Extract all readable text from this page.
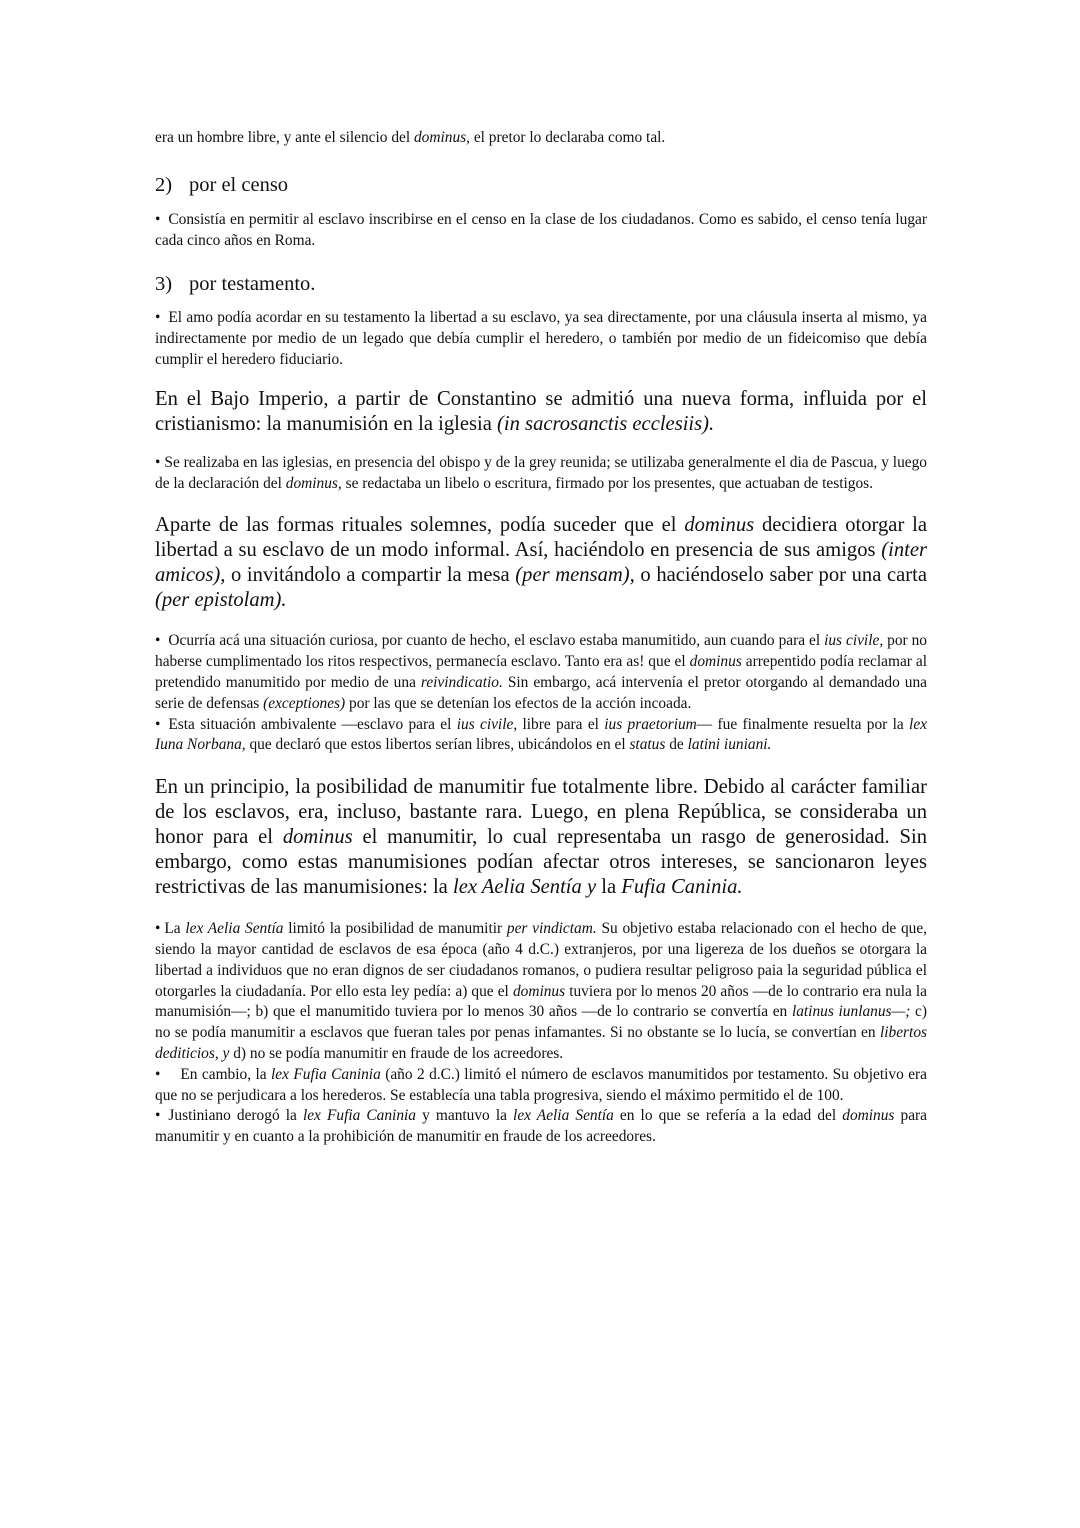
era un hombre libre, y ante el silencio del dominus, el pretor lo declaraba como tal.

2) por el censo

• Consistía en permitir al esclavo inscribirse en el censo en la clase de los ciudadanos. Como es sabido, el censo tenía lugar cada cinco años en Roma.

3) por testamento.

• El amo podía acordar en su testamento la libertad a su esclavo, ya sea directamente, por una cláusula inserta al mismo, ya indirectamente por medio de un legado que debía cumplir el heredero, o también por medio de un fideicomiso que debía cumplir el heredero fiduciario.

En el Bajo Imperio, a partir de Constantino se admitió una nueva forma, influida por el cristianismo: la manumisión en la iglesia (in sacrosanctis ecclesiis).

• Se realizaba en las iglesias, en presencia del obispo y de la grey reunida; se utilizaba generalmente el dia de Pascua, y luego de la declaración del dominus, se redactaba un libelo o escritura, firmado por los presentes, que actuaban de testigos.

Aparte de las formas rituales solemnes, podía suceder que el dominus decidiera otorgar la libertad a su esclavo de un modo informal. Así, haciéndolo en presencia de sus amigos (inter amicos), o invitándolo a compartir la mesa (per mensam), o haciéndoselo saber por una carta (per epistolam).

• Ocurría acá una situación curiosa, por cuanto de hecho, el esclavo estaba manumitido, aun cuando para el ius civile, por no haberse cumplimentado los ritos respectivos, permanecía esclavo. Tanto era as! que el dominus arrepentido podía reclamar al pretendido manumitido por medio de una reivindicatio. Sin embargo, acá intervenía el pretor otorgando al demandado una serie de defensas (exceptiones) por las que se detenían los efectos de la acción incoada.

• Esta situación ambivalente —esclavo para el ius civile, libre para el ius praetorium— fue finalmente resuelta por la lex Iuna Norbana, que declaró que estos libertos serían libres, ubicándolos en el status de latini iuniani.

En un principio, la posibilidad de manumitir fue totalmente libre. Debido al carácter familiar de los esclavos, era, incluso, bastante rara. Luego, en plena República, se consideraba un honor para el dominus el manumitir, lo cual representaba un rasgo de generosidad. Sin embargo, como estas manumisiones podían afectar otros intereses, se sancionaron leyes restrictivas de las manumisiones: la lex Aelia Sentía y la Fufia Caninia.

• La lex Aelia Sentía limitó la posibilidad de manumitir per vindictam. Su objetivo estaba relacionado con el hecho de que, siendo la mayor cantidad de esclavos de esa época (año 4 d.C.) extranjeros, por una ligereza de los dueños se otorgara la libertad a individuos que no eran dignos de ser ciudadanos romanos, o pudiera resultar peligroso paia la seguridad pública el otorgarles la ciudadanía. Por ello esta ley pedía: a) que el dominus tuviera por lo menos 20 años —de lo contrario era nula la manumisión—; b) que el manumitido tuviera por lo menos 30 años —de lo contrario se convertía en latinus iunlanus—; c) no se podía manumitir a esclavos que fueran tales por penas infamantes. Si no obstante se lo lucía, se convertían en libertos dediticios, y d) no se podía manumitir en fraude de los acreedores.

• En cambio, la lex Fufia Caninia (año 2 d.C.) limitó el número de esclavos manumitidos por testamento. Su objetivo era que no se perjudicara a los herederos. Se establecía una tabla progresiva, siendo el máximo permitido el de 100.

• Justiniano derogó la lex Fufia Caninia y mantuvo la lex Aelia Sentía en lo que se refería a la edad del dominus para manumitir y en cuanto a la prohibición de manumitir en fraude de los acreedores.
